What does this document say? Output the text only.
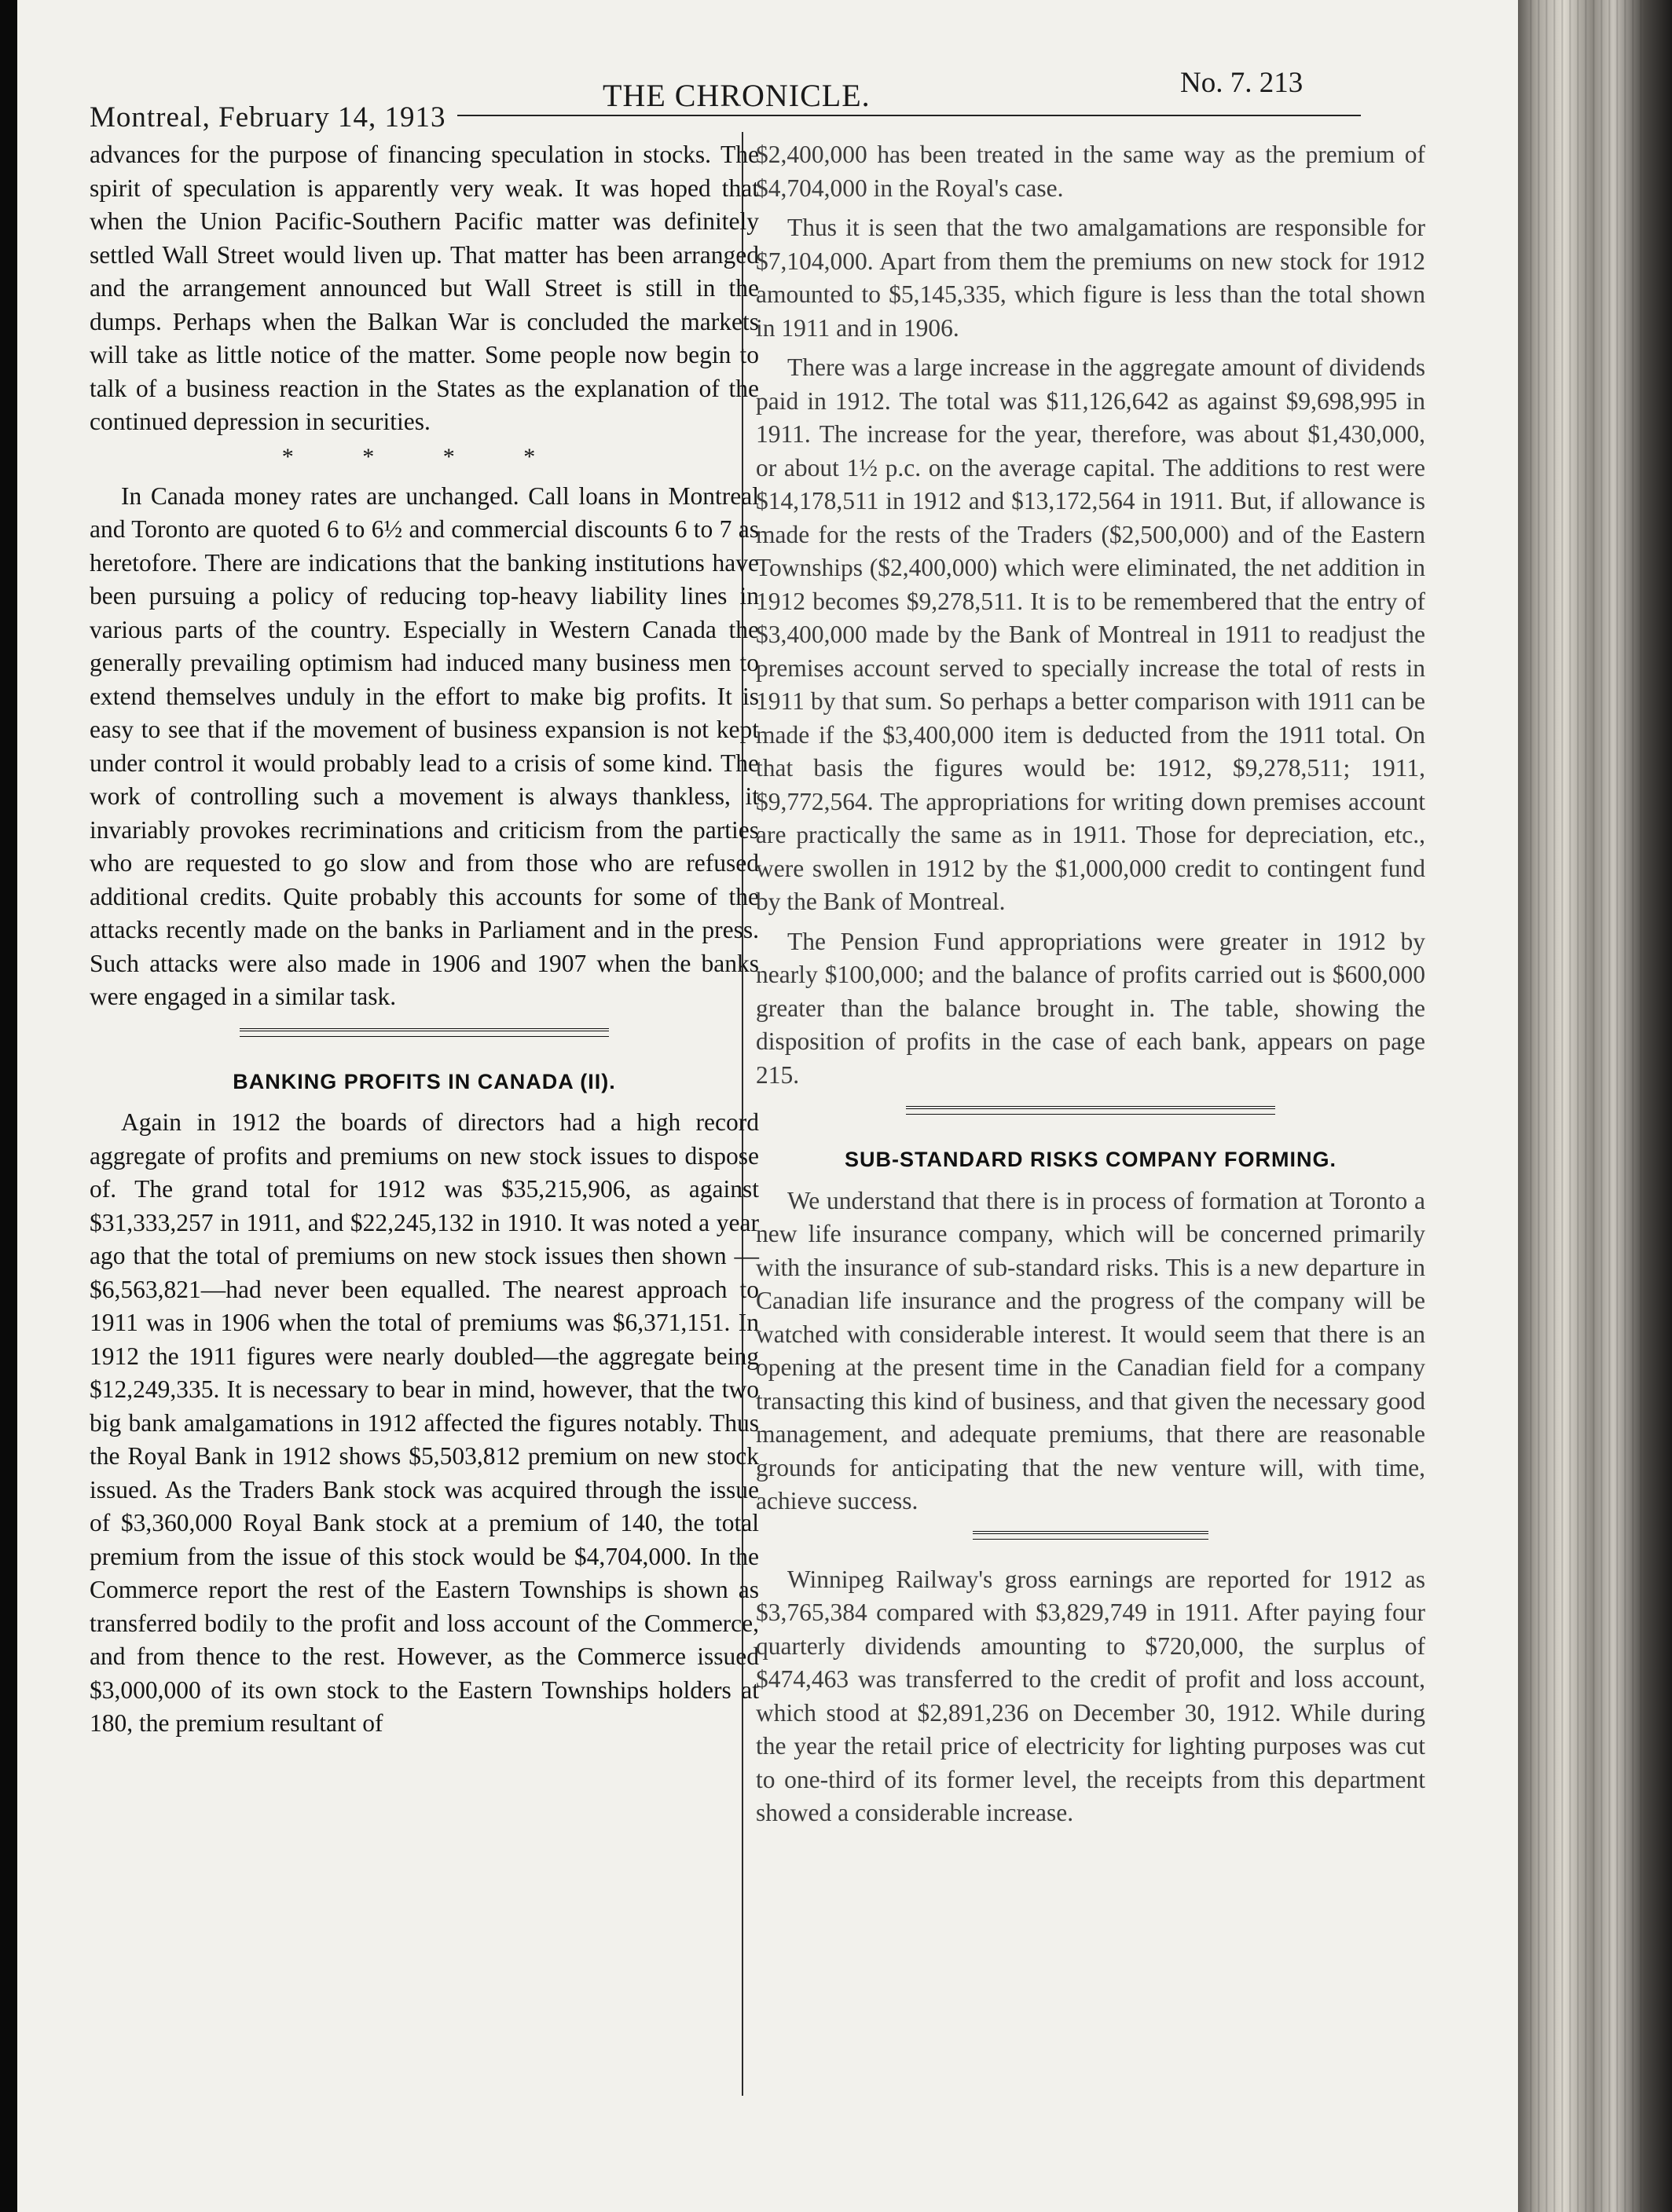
Montreal, February 14, 1913
THE CHRONICLE.	No. 7. 213

advances for the purpose of financing speculation in stocks. The spirit of speculation is apparently very weak. It was hoped that when the Union Pacific-Southern Pacific matter was definitely settled Wall Street would liven up. That matter has been arranged and the arrangement announced but Wall Street is still in the dumps. Perhaps when the Balkan War is concluded the markets will take as little notice of the matter. Some people now begin to talk of a business reaction in the States as the explanation of the continued depression in securities.

* * * *

In Canada money rates are unchanged. Call loans in Montreal and Toronto are quoted 6 to 6½ and commercial discounts 6 to 7 as heretofore. There are indications that the banking institutions have been pursuing a policy of reducing top-heavy liability lines in various parts of the country. Especially in Western Canada the generally prevailing optimism had induced many business men to extend themselves unduly in the effort to make big profits. It is easy to see that if the movement of business expansion is not kept under control it would probably lead to a crisis of some kind. The work of controlling such a movement is always thankless, it invariably provokes recriminations and criticism from the parties who are requested to go slow and from those who are refused additional credits. Quite probably this accounts for some of the attacks recently made on the banks in Parliament and in the press. Such attacks were also made in 1906 and 1907 when the banks were engaged in a similar task.

BANKING PROFITS IN CANADA (II).

Again in 1912 the boards of directors had a high record aggregate of profits and premiums on new stock issues to dispose of. The grand total for 1912 was $35,215,906, as against $31,333,257 in 1911, and $22,245,132 in 1910. It was noted a year ago that the total of premiums on new stock issues then shown —$6,563,821—had never been equalled. The nearest approach to 1911 was in 1906 when the total of premiums was $6,371,151. In 1912 the 1911 figures were nearly doubled—the aggregate being $12,249,335. It is necessary to bear in mind, however, that the two big bank amalgamations in 1912 affected the figures notably. Thus the Royal Bank in 1912 shows $5,503,812 premium on new stock issued. As the Traders Bank stock was acquired through the issue of $3,360,000 Royal Bank stock at a premium of 140, the total premium from the issue of this stock would be $4,704,000. In the Commerce report the rest of the Eastern Townships is shown as transferred bodily to the profit and loss account of the Commerce, and from thence to the rest. However, as the Commerce issued $3,000,000 of its own stock to the Eastern Townships holders at 180, the premium resultant of

$2,400,000 has been treated in the same way as the premium of $4,704,000 in the Royal's case.

Thus it is seen that the two amalgamations are responsible for $7,104,000. Apart from them the premiums on new stock for 1912 amounted to $5,145,335, which figure is less than the total shown in 1911 and in 1906.

There was a large increase in the aggregate amount of dividends paid in 1912. The total was $11,126,642 as against $9,698,995 in 1911. The increase for the year, therefore, was about $1,430,000, or about 1½ p.c. on the average capital. The additions to rest were $14,178,511 in 1912 and $13,172,564 in 1911. But, if allowance is made for the rests of the Traders ($2,500,000) and of the Eastern Townships ($2,400,000) which were eliminated, the net addition in 1912 becomes $9,278,511. It is to be remembered that the entry of $3,400,000 made by the Bank of Montreal in 1911 to readjust the premises account served to specially increase the total of rests in 1911 by that sum. So perhaps a better comparison with 1911 can be made if the $3,400,000 item is deducted from the 1911 total. On that basis the figures would be: 1912, $9,278,511; 1911, $9,772,564. The appropriations for writing down premises account are practically the same as in 1911. Those for depreciation, etc., were swollen in 1912 by the $1,000,000 credit to contingent fund by the Bank of Montreal.

The Pension Fund appropriations were greater in 1912 by nearly $100,000; and the balance of profits carried out is $600,000 greater than the balance brought in. The table, showing the disposition of profits in the case of each bank, appears on page 215.

SUB-STANDARD RISKS COMPANY FORMING.

We understand that there is in process of formation at Toronto a new life insurance company, which will be concerned primarily with the insurance of sub-standard risks. This is a new departure in Canadian life insurance and the progress of the company will be watched with considerable interest. It would seem that there is an opening at the present time in the Canadian field for a company transacting this kind of business, and that given the necessary good management, and adequate premiums, that there are reasonable grounds for anticipating that the new venture will, with time, achieve success.

Winnipeg Railway's gross earnings are reported for 1912 as $3,765,384 compared with $3,829,749 in 1911. After paying four quarterly dividends amounting to $720,000, the surplus of $474,463 was transferred to the credit of profit and loss account, which stood at $2,891,236 on December 30, 1912. While during the year the retail price of electricity for lighting purposes was cut to one-third of its former level, the receipts from this department showed a considerable increase.
